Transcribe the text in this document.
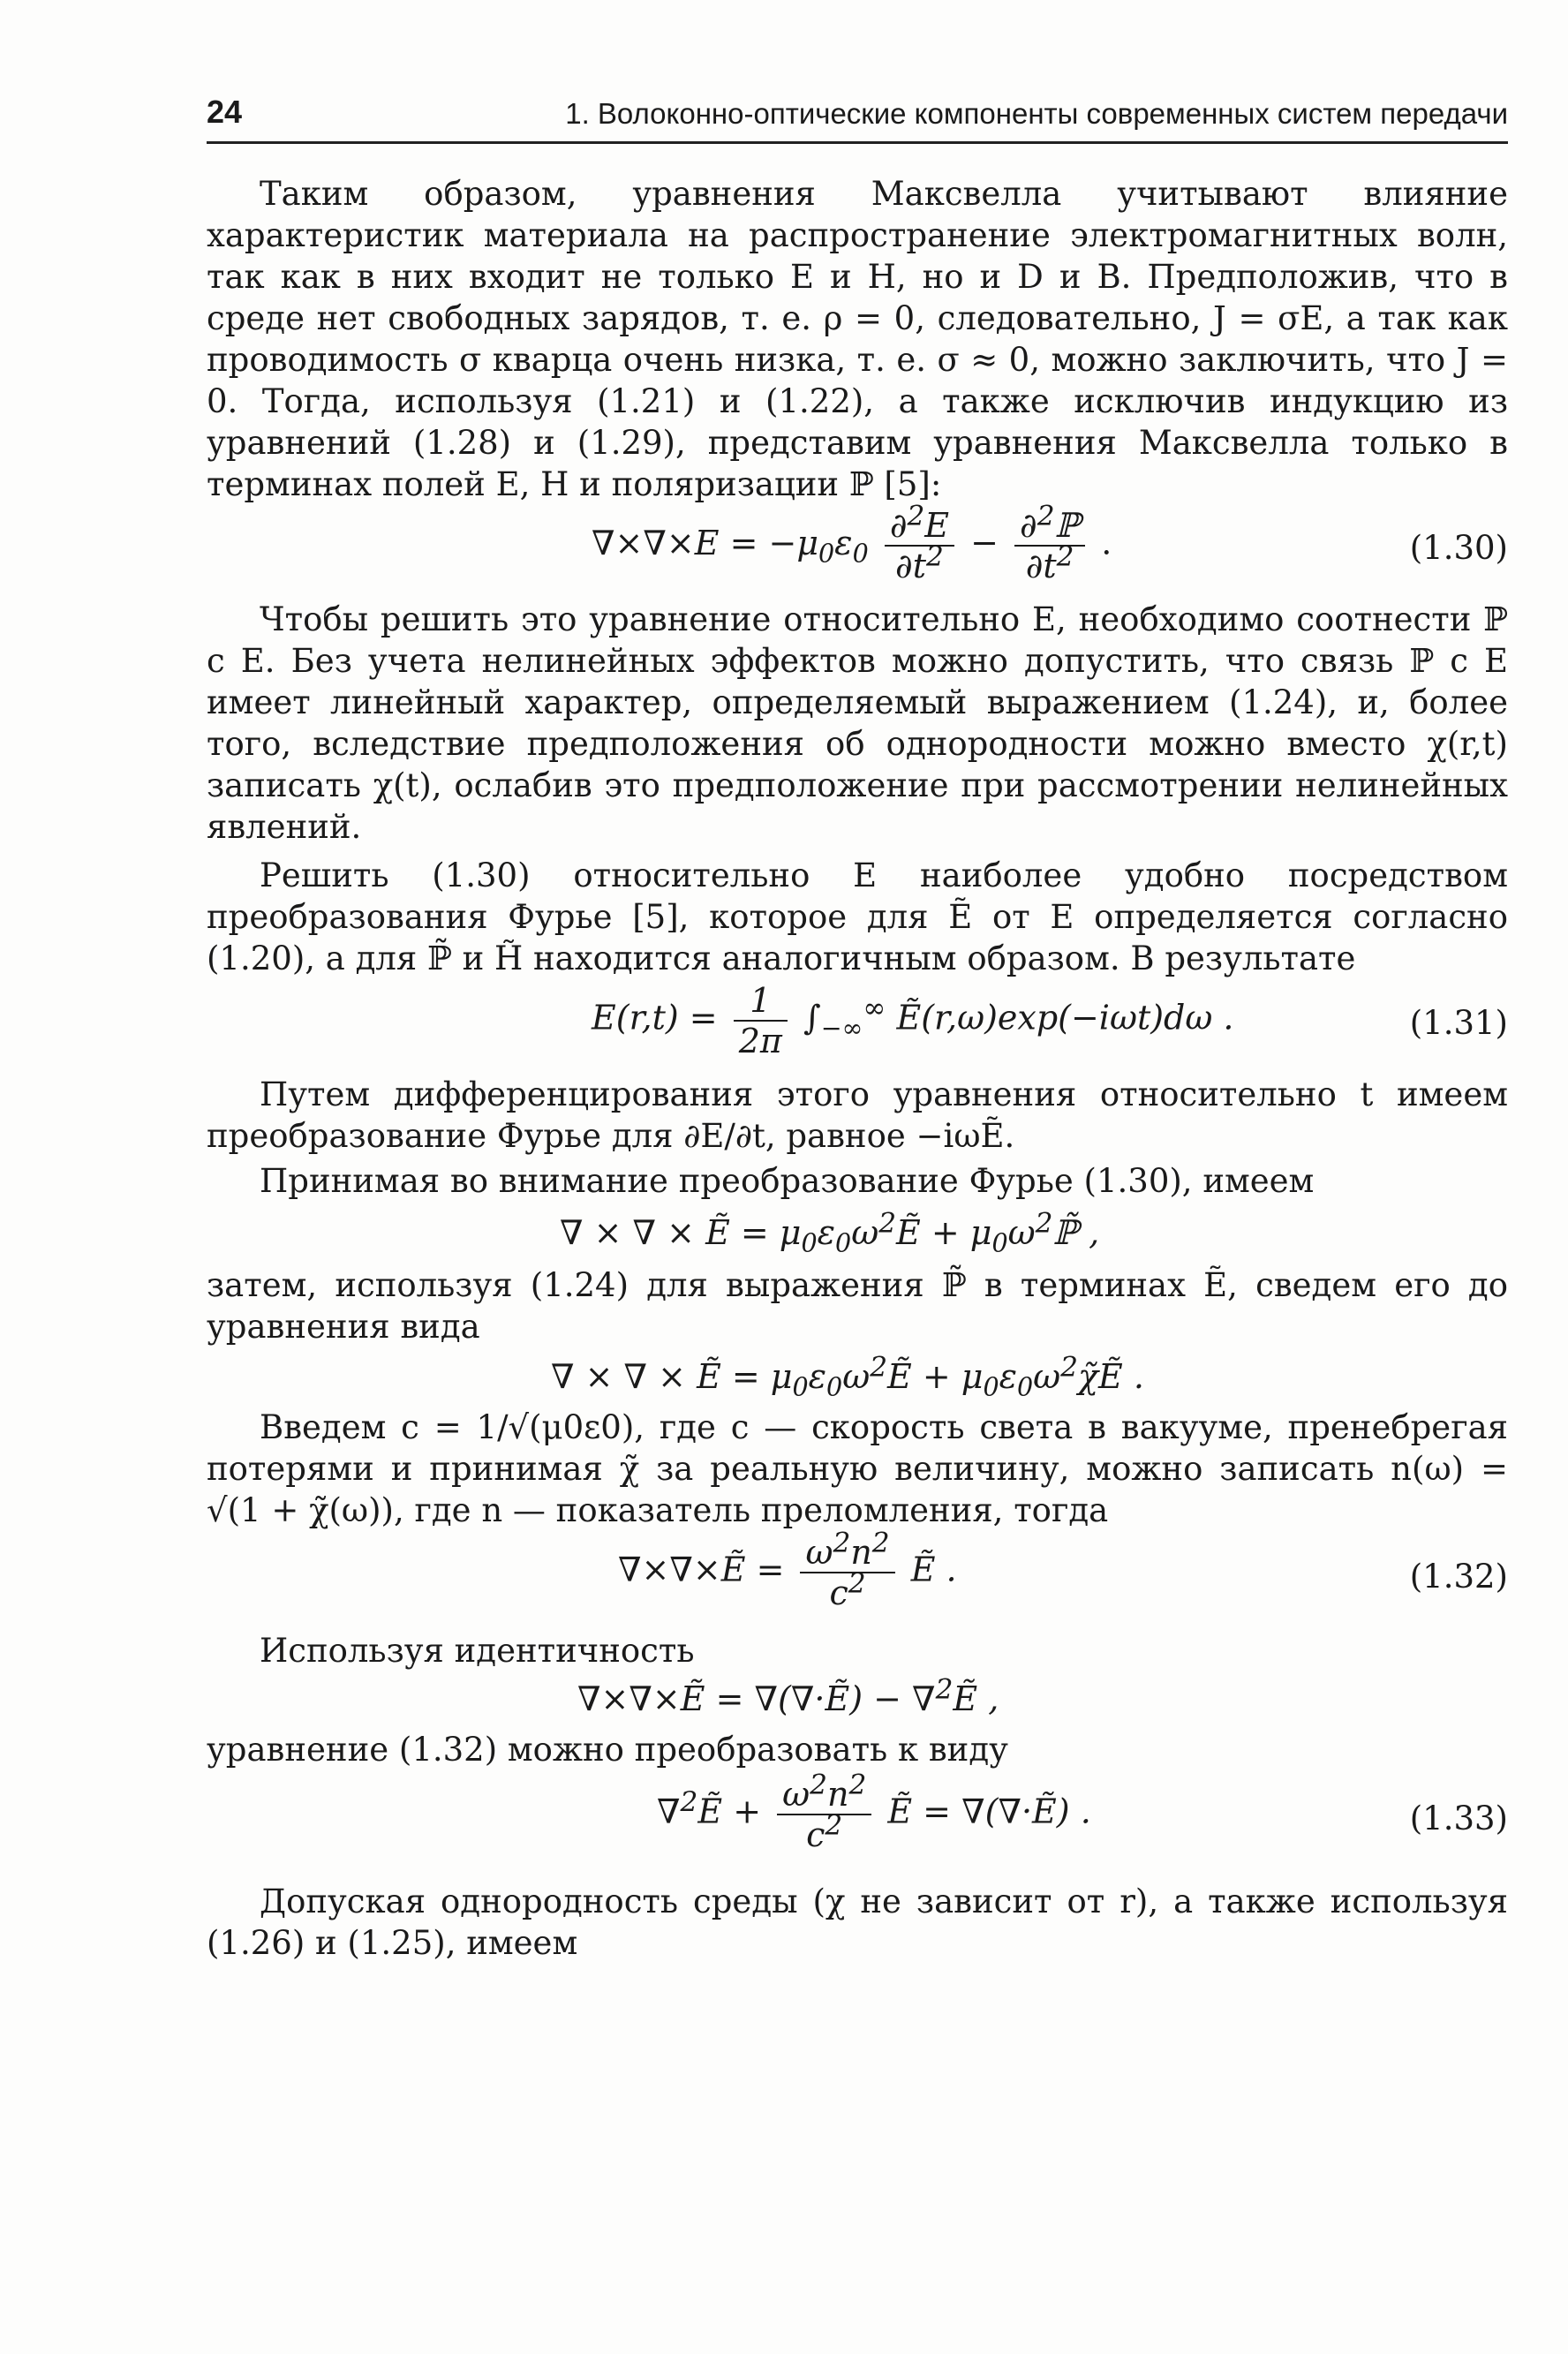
24	1. Волоконно-оптические компоненты современных систем передачи

Таким образом, уравнения Максвелла учитывают влияние характеристик материала на распространение электромагнитных волн, так как в них входит не только E и H, но и D и B. Предположив, что в среде нет свободных зарядов, т. е. ρ = 0, следовательно, J = σE, а так как проводимость σ кварца очень низка, т. е. σ ≈ 0, можно заключить, что J = 0. Тогда, используя (1.21) и (1.22), а также исключив индукцию из уравнений (1.28) и (1.29), представим уравнения Максвелла только в терминах полей E, H и поляризации ℙ [5]:

$\nabla\times\nabla\times E = -\mu_0\varepsilon_0 \frac{\partial^2E}{\partial t^2} - \frac{\partial^2ℙ}{\partial t^2}$ .	(1.30)

Чтобы решить это уравнение относительно E, необходимо соотнести ℙ с E. Без учета нелинейных эффектов можно допустить, что связь ℙ с E имеет линейный характер, определяемый выражением (1.24), и, более того, вследствие предположения об однородности можно вместо χ(r,t) записать χ(t), ослабив это предположение при рассмотрении нелинейных явлений.

Решить (1.30) относительно E наиболее удобно посредством преобразования Фурье [5], которое для Ẽ от E определяется согласно (1.20), а для ℙ̃ и H̃ находится аналогичным образом. В результате

$E(r,t) = \frac{1}{2\pi} \int_{-\infty}^\infty$ Ẽ(r,ω)exp(−iωt)dω .	(1.31)

Путем дифференцирования этого уравнения относительно t имеем преобразование Фурье для ∂E/∂t, равное −iωẼ.

Принимая во внимание преобразование Фурье (1.30), имеем

∇ × ∇ × Ẽ = $\mu_0\varepsilon_0\omega^2Ẽ$ + $\mu_0\omega^2ℙ̃$ ,

затем, используя (1.24) для выражения ℙ̃ в терминах Ẽ, сведем его до уравнения вида

∇ × ∇ × Ẽ = $\mu_0\varepsilon_0\omega^2Ẽ$ + $\mu_0\varepsilon_0\omega^2\chĩẼ$ .

Введем c = 1/√(μ0ε0), где c — скорость света в вакууме, пренебрегая потерями и принимая χ̃ за реальную величину, можно записать n(ω) = √(1 + χ̃(ω)), где n — показатель преломления, тогда

∇×∇×Ẽ = $\frac{\omega^2n^2}{c^2}$ Ẽ .	(1.32)

Используя идентичность

∇×∇×Ẽ = ∇(∇·Ẽ) − ∇$^2$Ẽ ,

уравнение (1.32) можно преобразовать к виду

∇$^2$Ẽ + $\frac{\omega^2n^2}{c^2}$ Ẽ = ∇(∇·Ẽ) .	(1.33)

Допуская однородность среды (χ не зависит от r), а также используя (1.26) и (1.25), имеем
